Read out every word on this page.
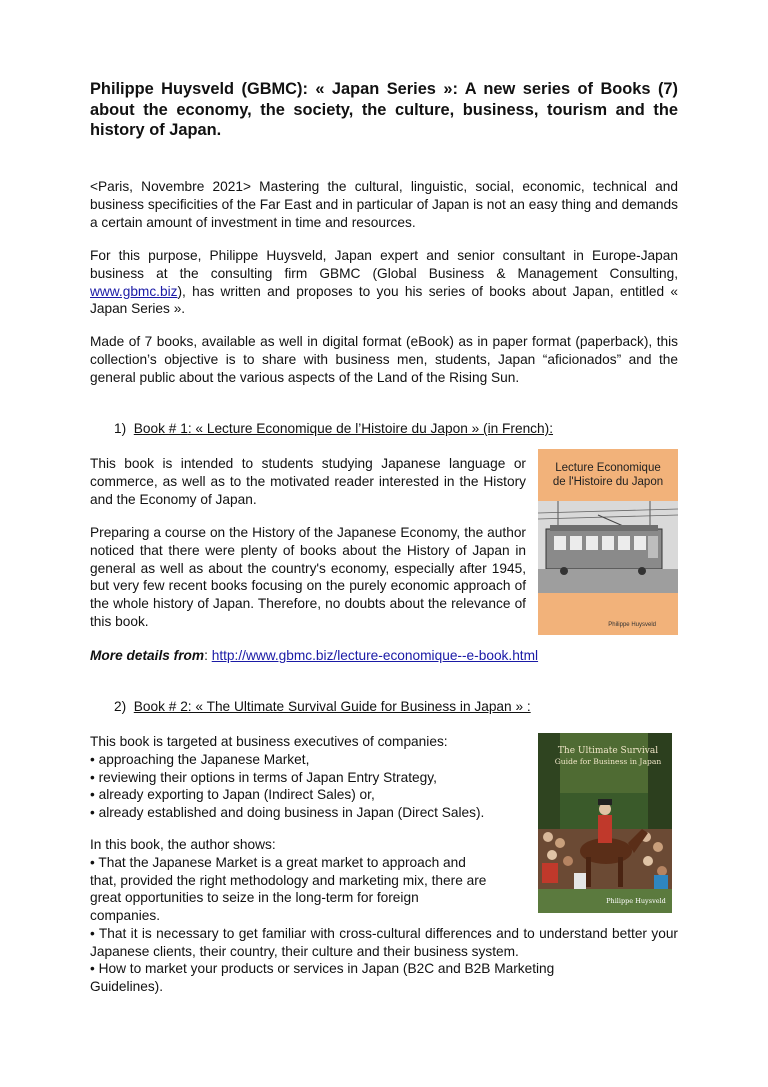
Philippe Huysveld (GBMC): « Japan Series »: A new series of Books (7) about the economy, the society, the culture, business, tourism and the history of Japan.

<Paris, Novembre 2021> Mastering the cultural, linguistic, social, economic, technical and business specificities of the Far East and in particular of Japan is not an easy thing and demands a certain amount of investment in time and resources.

For this purpose, Philippe Huysveld, Japan expert and senior consultant in Europe-Japan business at the consulting firm GBMC (Global Business & Management Consulting, www.gbmc.biz), has written and proposes to you his series of books about Japan, entitled « Japan Series ».

Made of 7 books, available as well in digital format (eBook) as in paper format (paperback), this collection’s objective is to share with business men, students, Japan “aficionados” and the general public about the various aspects of the Land of the Rising Sun.

1) Book # 1: « Lecture Economique de l’Histoire du Japon » (in French):

This book is intended to students studying Japanese language or commerce, as well as to the motivated reader interested in the History and the Economy of Japan.

Preparing a course on the History of the Japanese Economy, the author noticed that there were plenty of books about the History of Japan in general as well as about the country's economy, especially after 1945, but very few recent books focusing on the purely economic approach of the whole history of Japan. Therefore, no doubts about the relevance of this book.

More details from: http://www.gbmc.biz/lecture-economique--e-book.html
2) Book # 2: « The Ultimate Survival Guide for Business in Japan » :
This book is targeted at business executives of companies:
• approaching the Japanese Market,
• reviewing their options in terms of Japan Entry Strategy,
• already exporting to Japan (Indirect Sales) or,
• already established and doing business in Japan (Direct Sales).
In this book, the author shows:
• That the Japanese Market is a great market to approach and
that, provided the right methodology and marketing mix, there are
great opportunities to seize in the long-term for foreign
companies.

• That it is necessary to get familiar with cross-cultural differences and to understand better your Japanese clients, their country, their culture and their business system.

• How to market your products or services in Japan (B2C and B2B Marketing
Guidelines).
Lecture Economique
de l'Histoire du Japon
Philippe Huysveld
The Ultimate Survival
Guide for Business in Japan
Philippe Huysveld
